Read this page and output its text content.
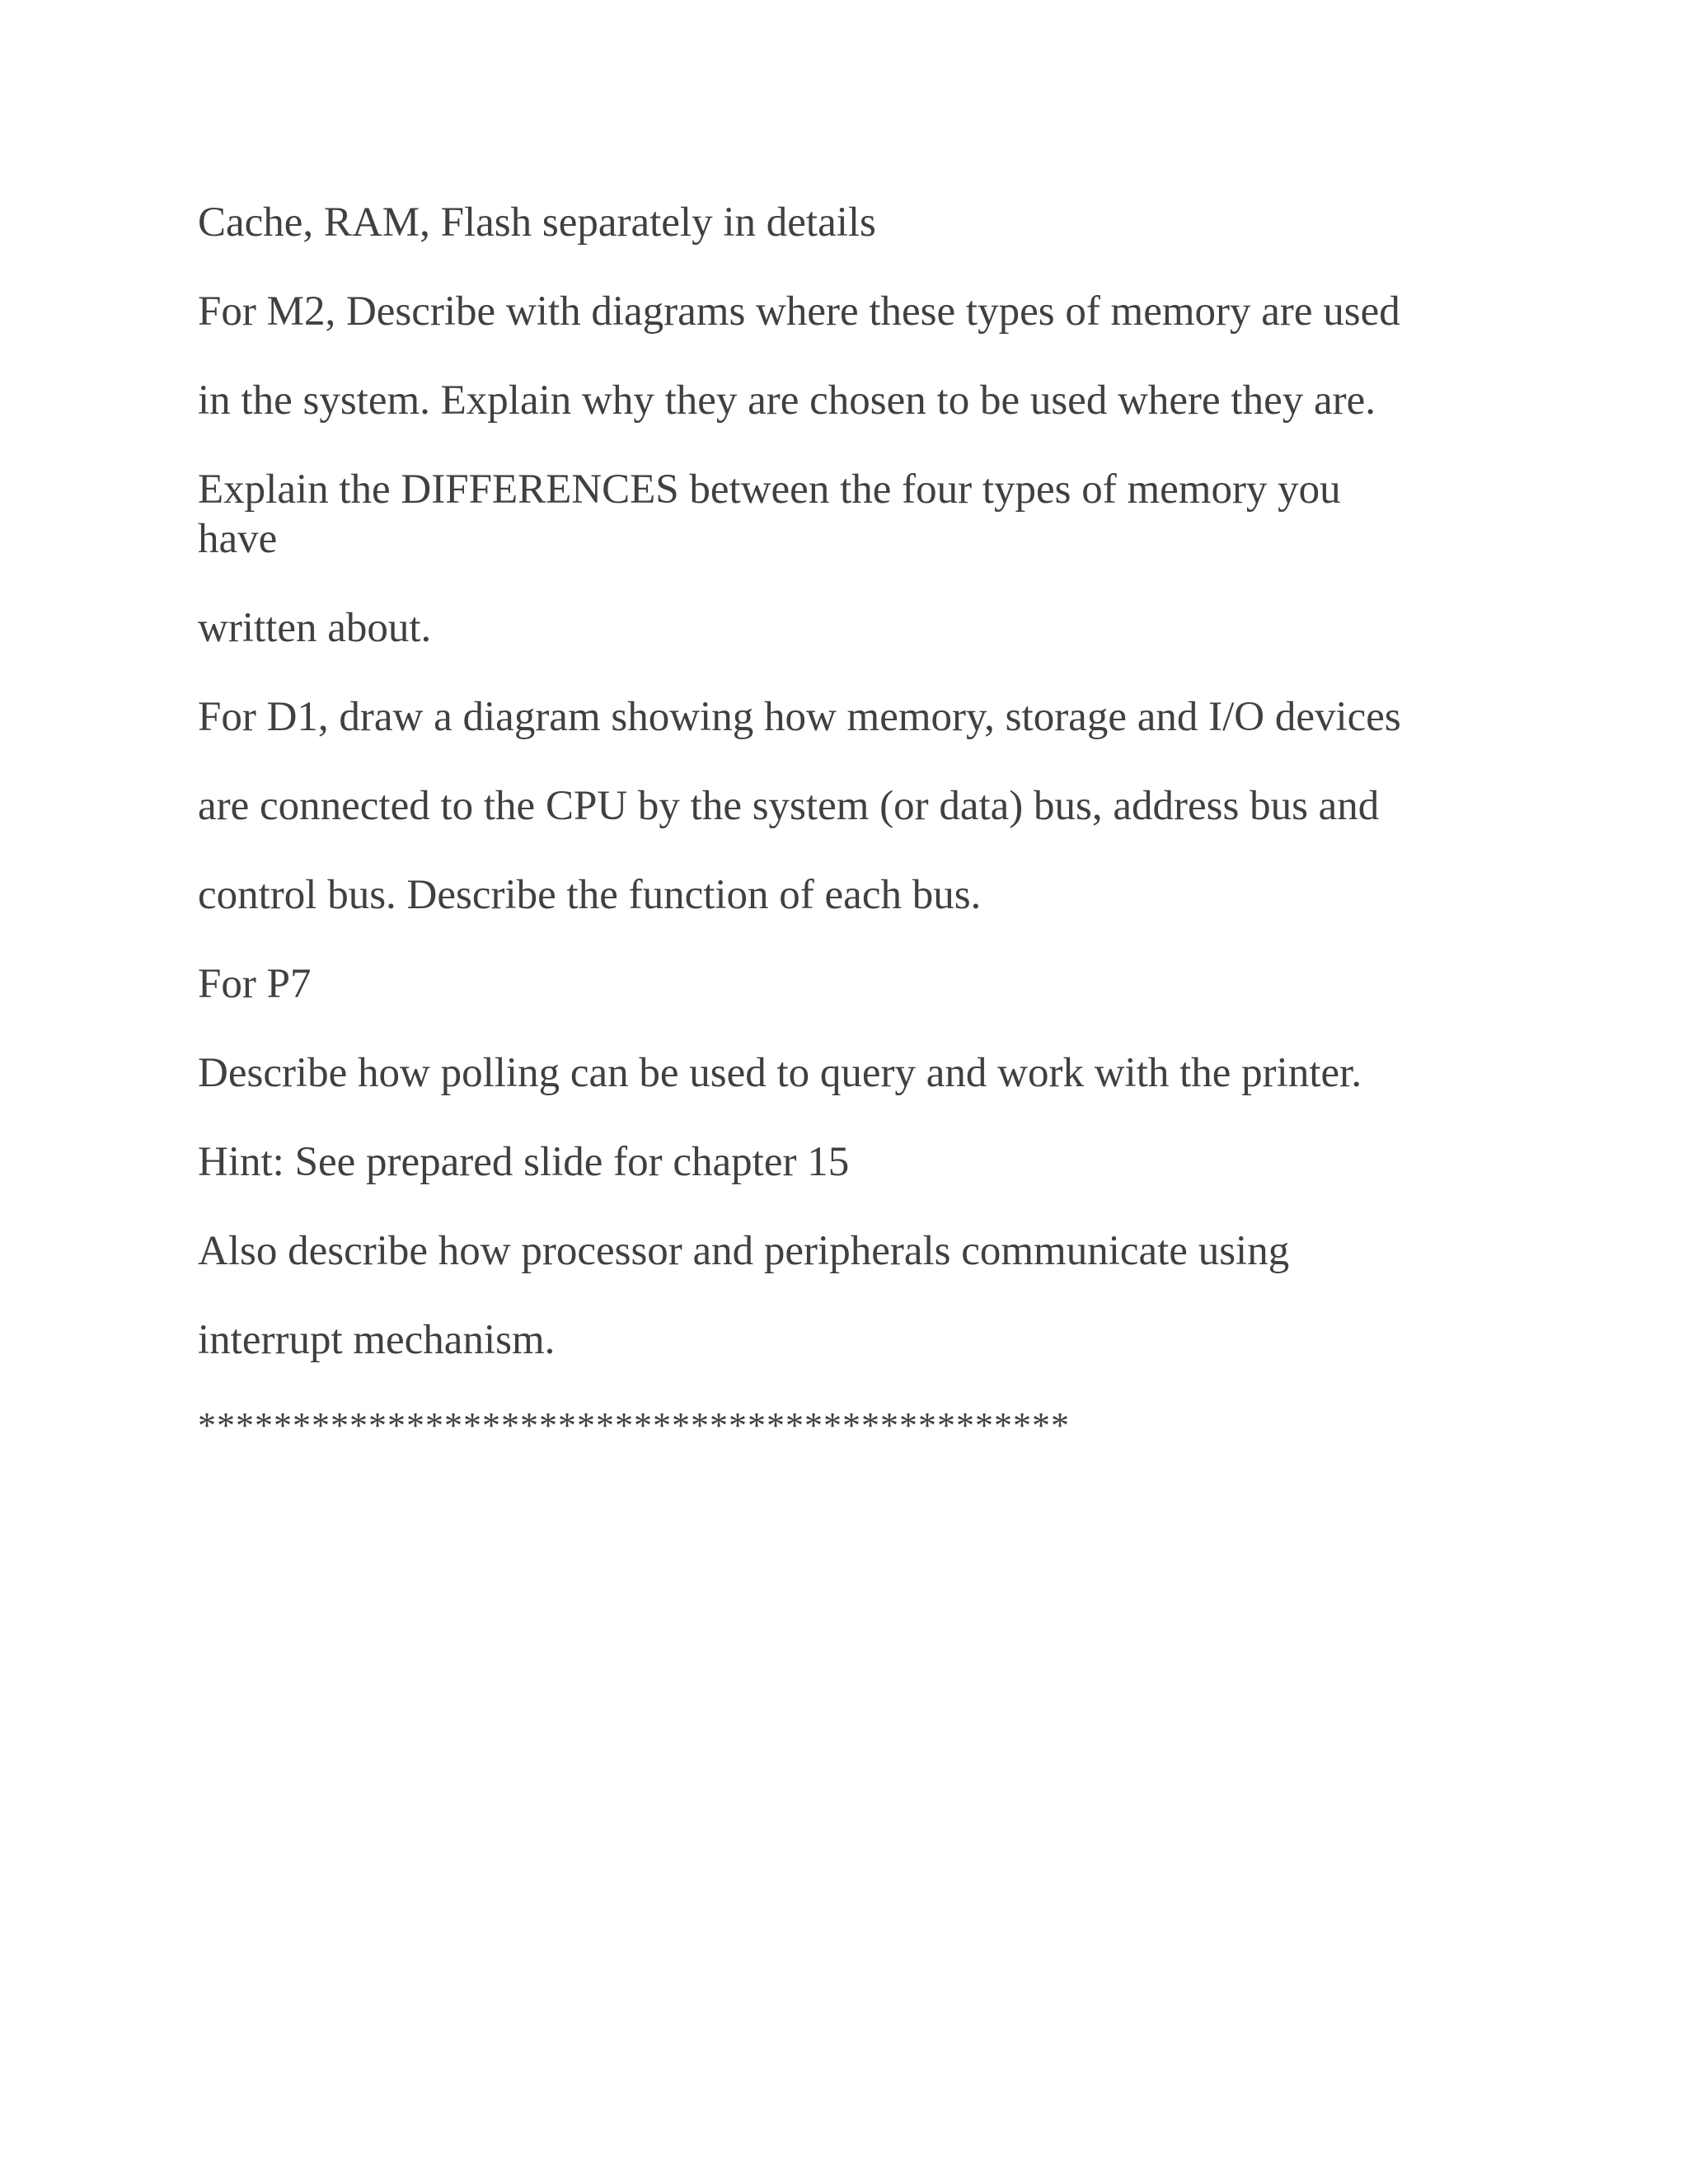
Cache, RAM, Flash separately in details

For M2, Describe with diagrams where these types of memory are used

in the system. Explain why they are chosen to be used where they are.

Explain the DIFFERENCES between the four types of memory you

have

written about.

For D1, draw a diagram showing how memory, storage and I/O devices

are connected to the CPU by the system (or data) bus, address bus and

control bus. Describe the function of each bus.

For P7

Describe how polling can be used to query and work with the printer.

Hint: See prepared slide for chapter 15

Also describe how processor and peripherals communicate using

interrupt mechanism.

**********************************************
